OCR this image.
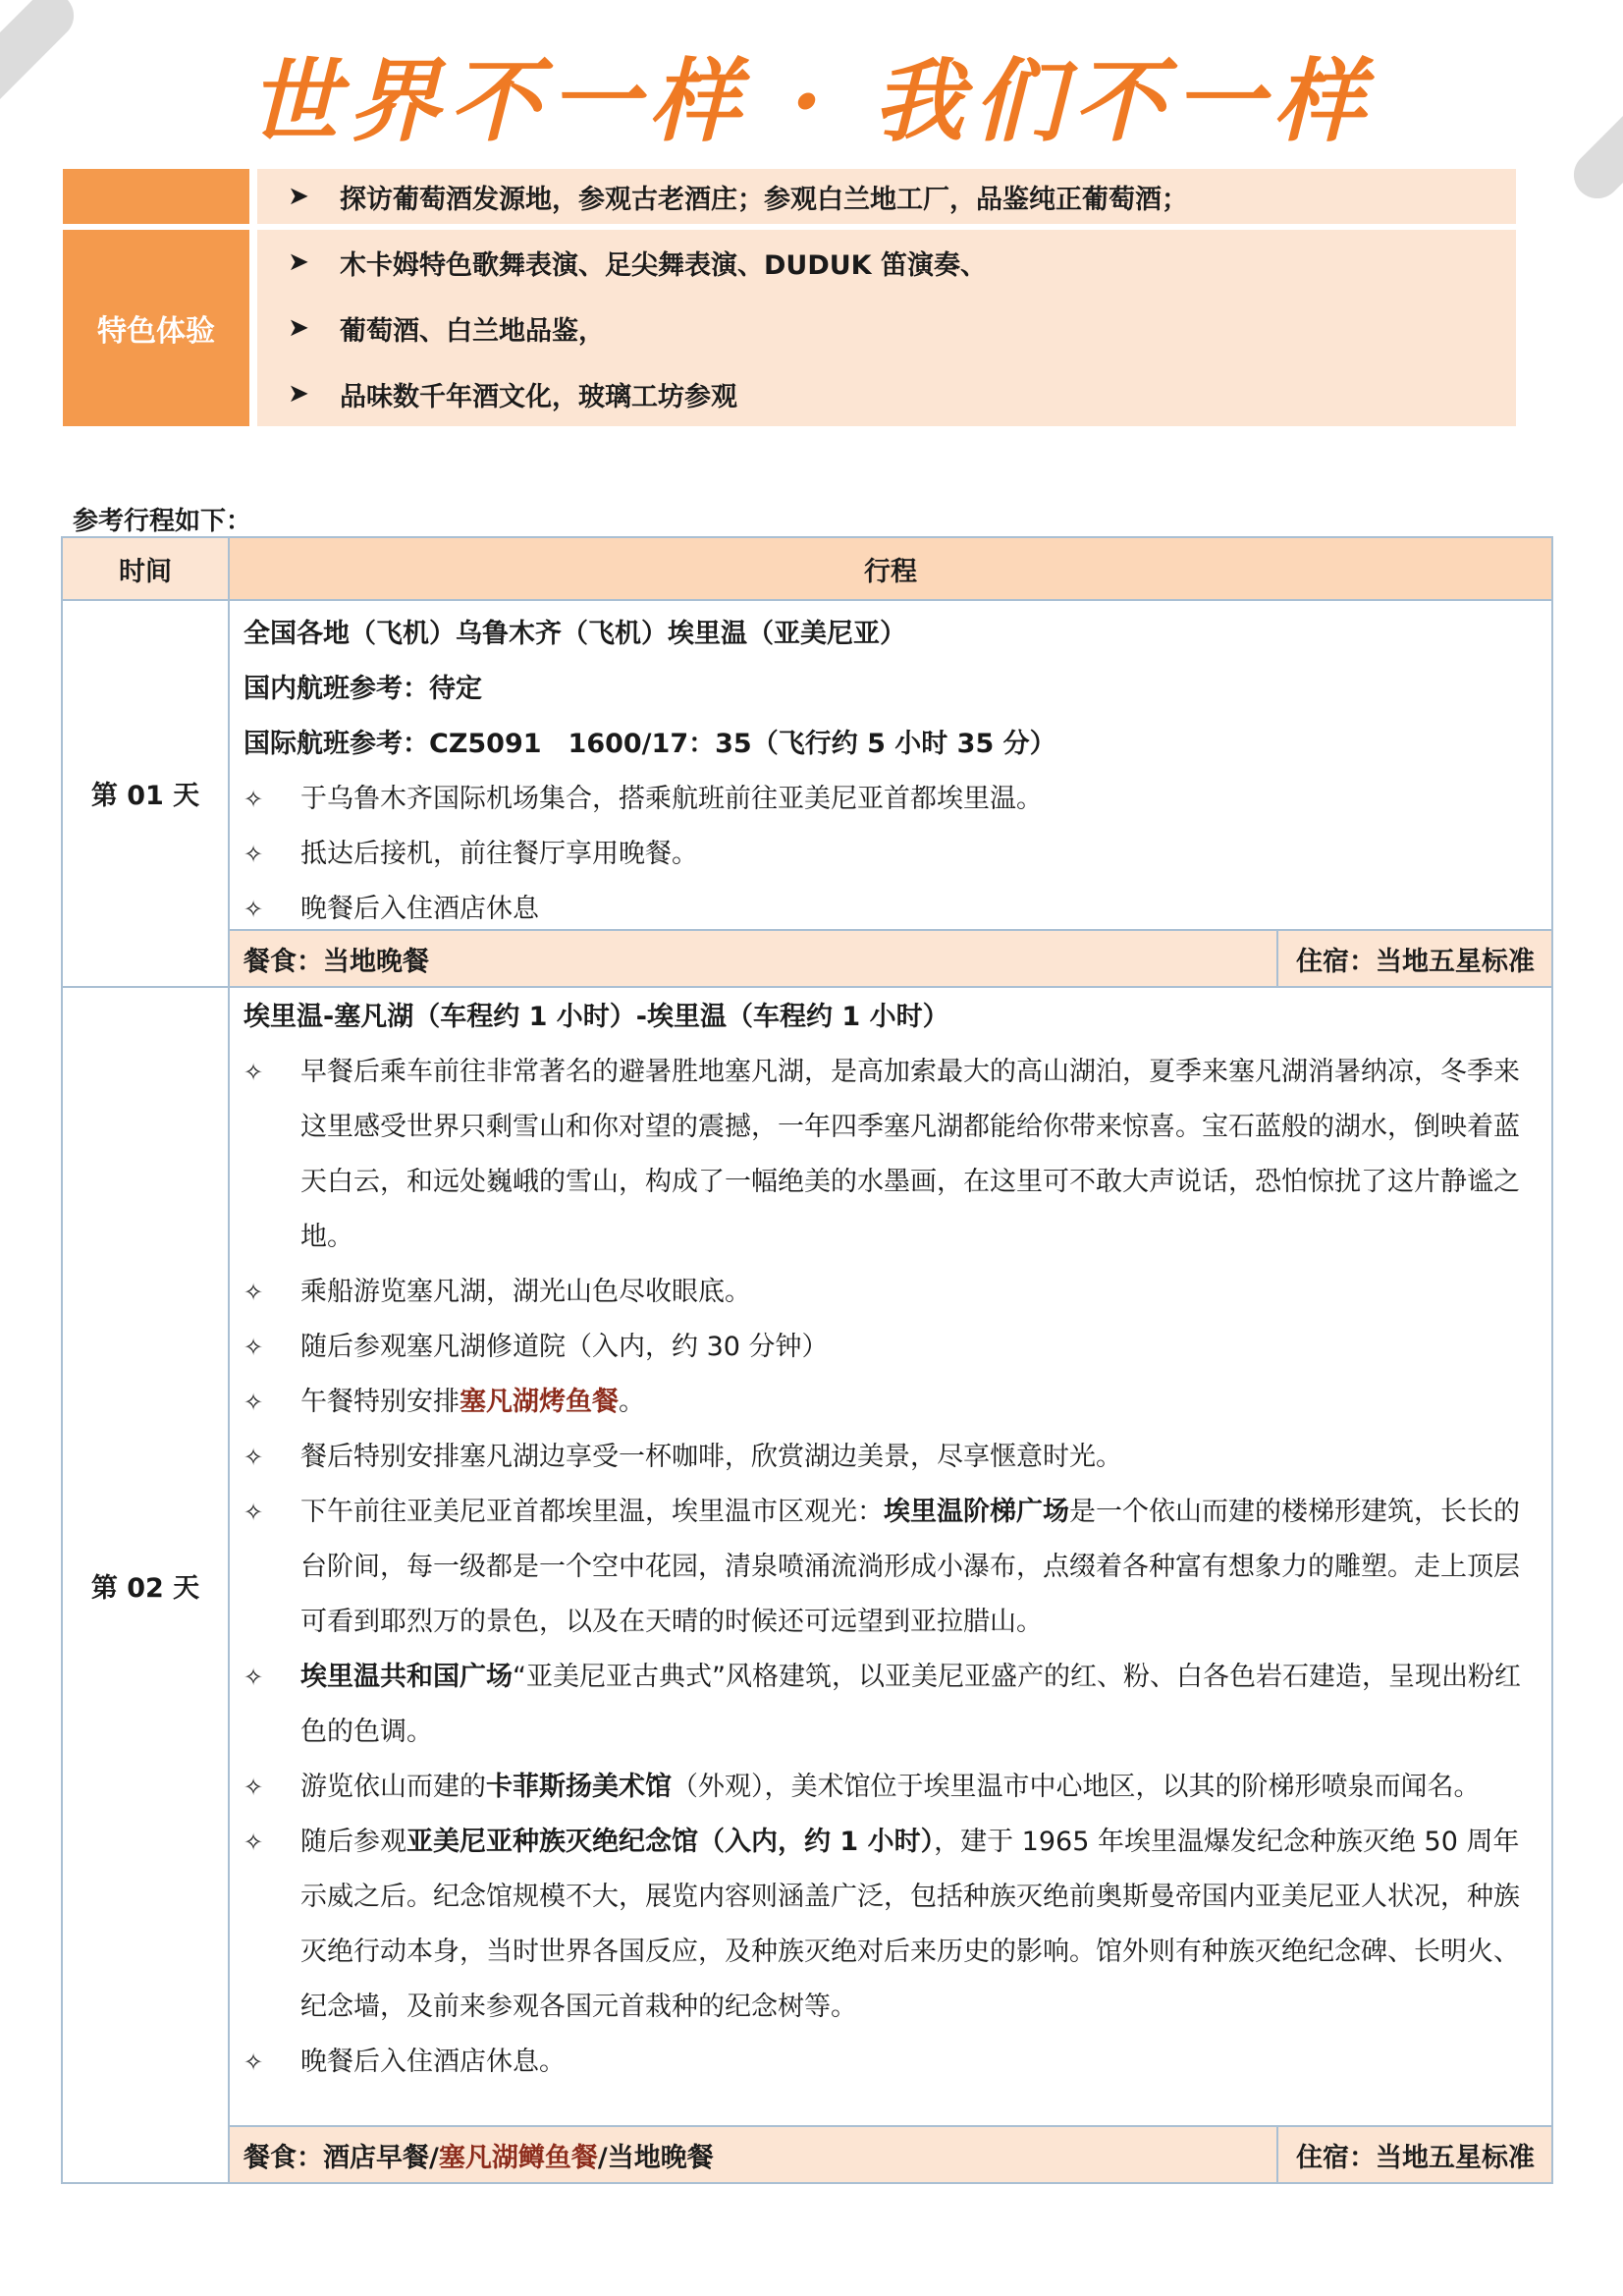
世界不一样 · 我们不一样
特色体验
➤	探访葡萄酒发源地，参观古老酒庄；参观白兰地工厂，品鉴纯正葡萄酒；
➤	木卡姆特色歌舞表演、足尖舞表演、DUDUK 笛演奏、
➤	葡萄酒、白兰地品鉴，
➤	品味数千年酒文化，玻璃工坊参观
参考行程如下：
时间	行程
第 01 天
全国各地（飞机）乌鲁木齐（飞机）埃里温（亚美尼亚）
国内航班参考：待定
国际航班参考：CZ5091　1600/17：35（飞行约 5 小时 35 分）
✧	于乌鲁木齐国际机场集合，搭乘航班前往亚美尼亚首都埃里温。
✧	抵达后接机，前往餐厅享用晚餐。
✧	晚餐后入住酒店休息
餐食：当地晚餐	住宿：当地五星标准
第 02 天
埃里温-塞凡湖（车程约 1 小时）-埃里温（车程约 1 小时）
✧	早餐后乘车前往非常著名的避暑胜地塞凡湖，是高加索最大的高山湖泊，夏季来塞凡湖消暑纳凉，冬季来这里感受世界只剩雪山和你对望的震撼，一年四季塞凡湖都能给你带来惊喜。宝石蓝般的湖水，倒映着蓝天白云，和远处巍峨的雪山，构成了一幅绝美的水墨画，在这里可不敢大声说话，恐怕惊扰了这片静谧之地。
✧	乘船游览塞凡湖，湖光山色尽收眼底。
✧	随后参观塞凡湖修道院（入内，约 30 分钟）
✧	午餐特别安排塞凡湖烤鱼餐。
✧	餐后特别安排塞凡湖边享受一杯咖啡，欣赏湖边美景，尽享惬意时光。
✧	下午前往亚美尼亚首都埃里温，埃里温市区观光：埃里温阶梯广场是一个依山而建的楼梯形建筑，长长的台阶间，每一级都是一个空中花园，清泉喷涌流淌形成小瀑布，点缀着各种富有想象力的雕塑。走上顶层可看到耶烈万的景色，以及在天晴的时候还可远望到亚拉腊山。
✧	埃里温共和国广场“亚美尼亚古典式”风格建筑，以亚美尼亚盛产的红、粉、白各色岩石建造，呈现出粉红色的色调。
✧	游览依山而建的卡菲斯扬美术馆（外观），美术馆位于埃里温市中心地区，以其的阶梯形喷泉而闻名。
✧	随后参观亚美尼亚种族灭绝纪念馆（入内，约 1 小时），建于 1965 年埃里温爆发纪念种族灭绝 50 周年示威之后。纪念馆规模不大，展览内容则涵盖广泛，包括种族灭绝前奥斯曼帝国内亚美尼亚人状况，种族灭绝行动本身，当时世界各国反应，及种族灭绝对后来历史的影响。馆外则有种族灭绝纪念碑、长明火、纪念墙，及前来参观各国元首栽种的纪念树等。
✧	晚餐后入住酒店休息。
餐食：酒店早餐/ 塞凡湖鳟鱼餐 /当地晚餐	住宿：当地五星标准
